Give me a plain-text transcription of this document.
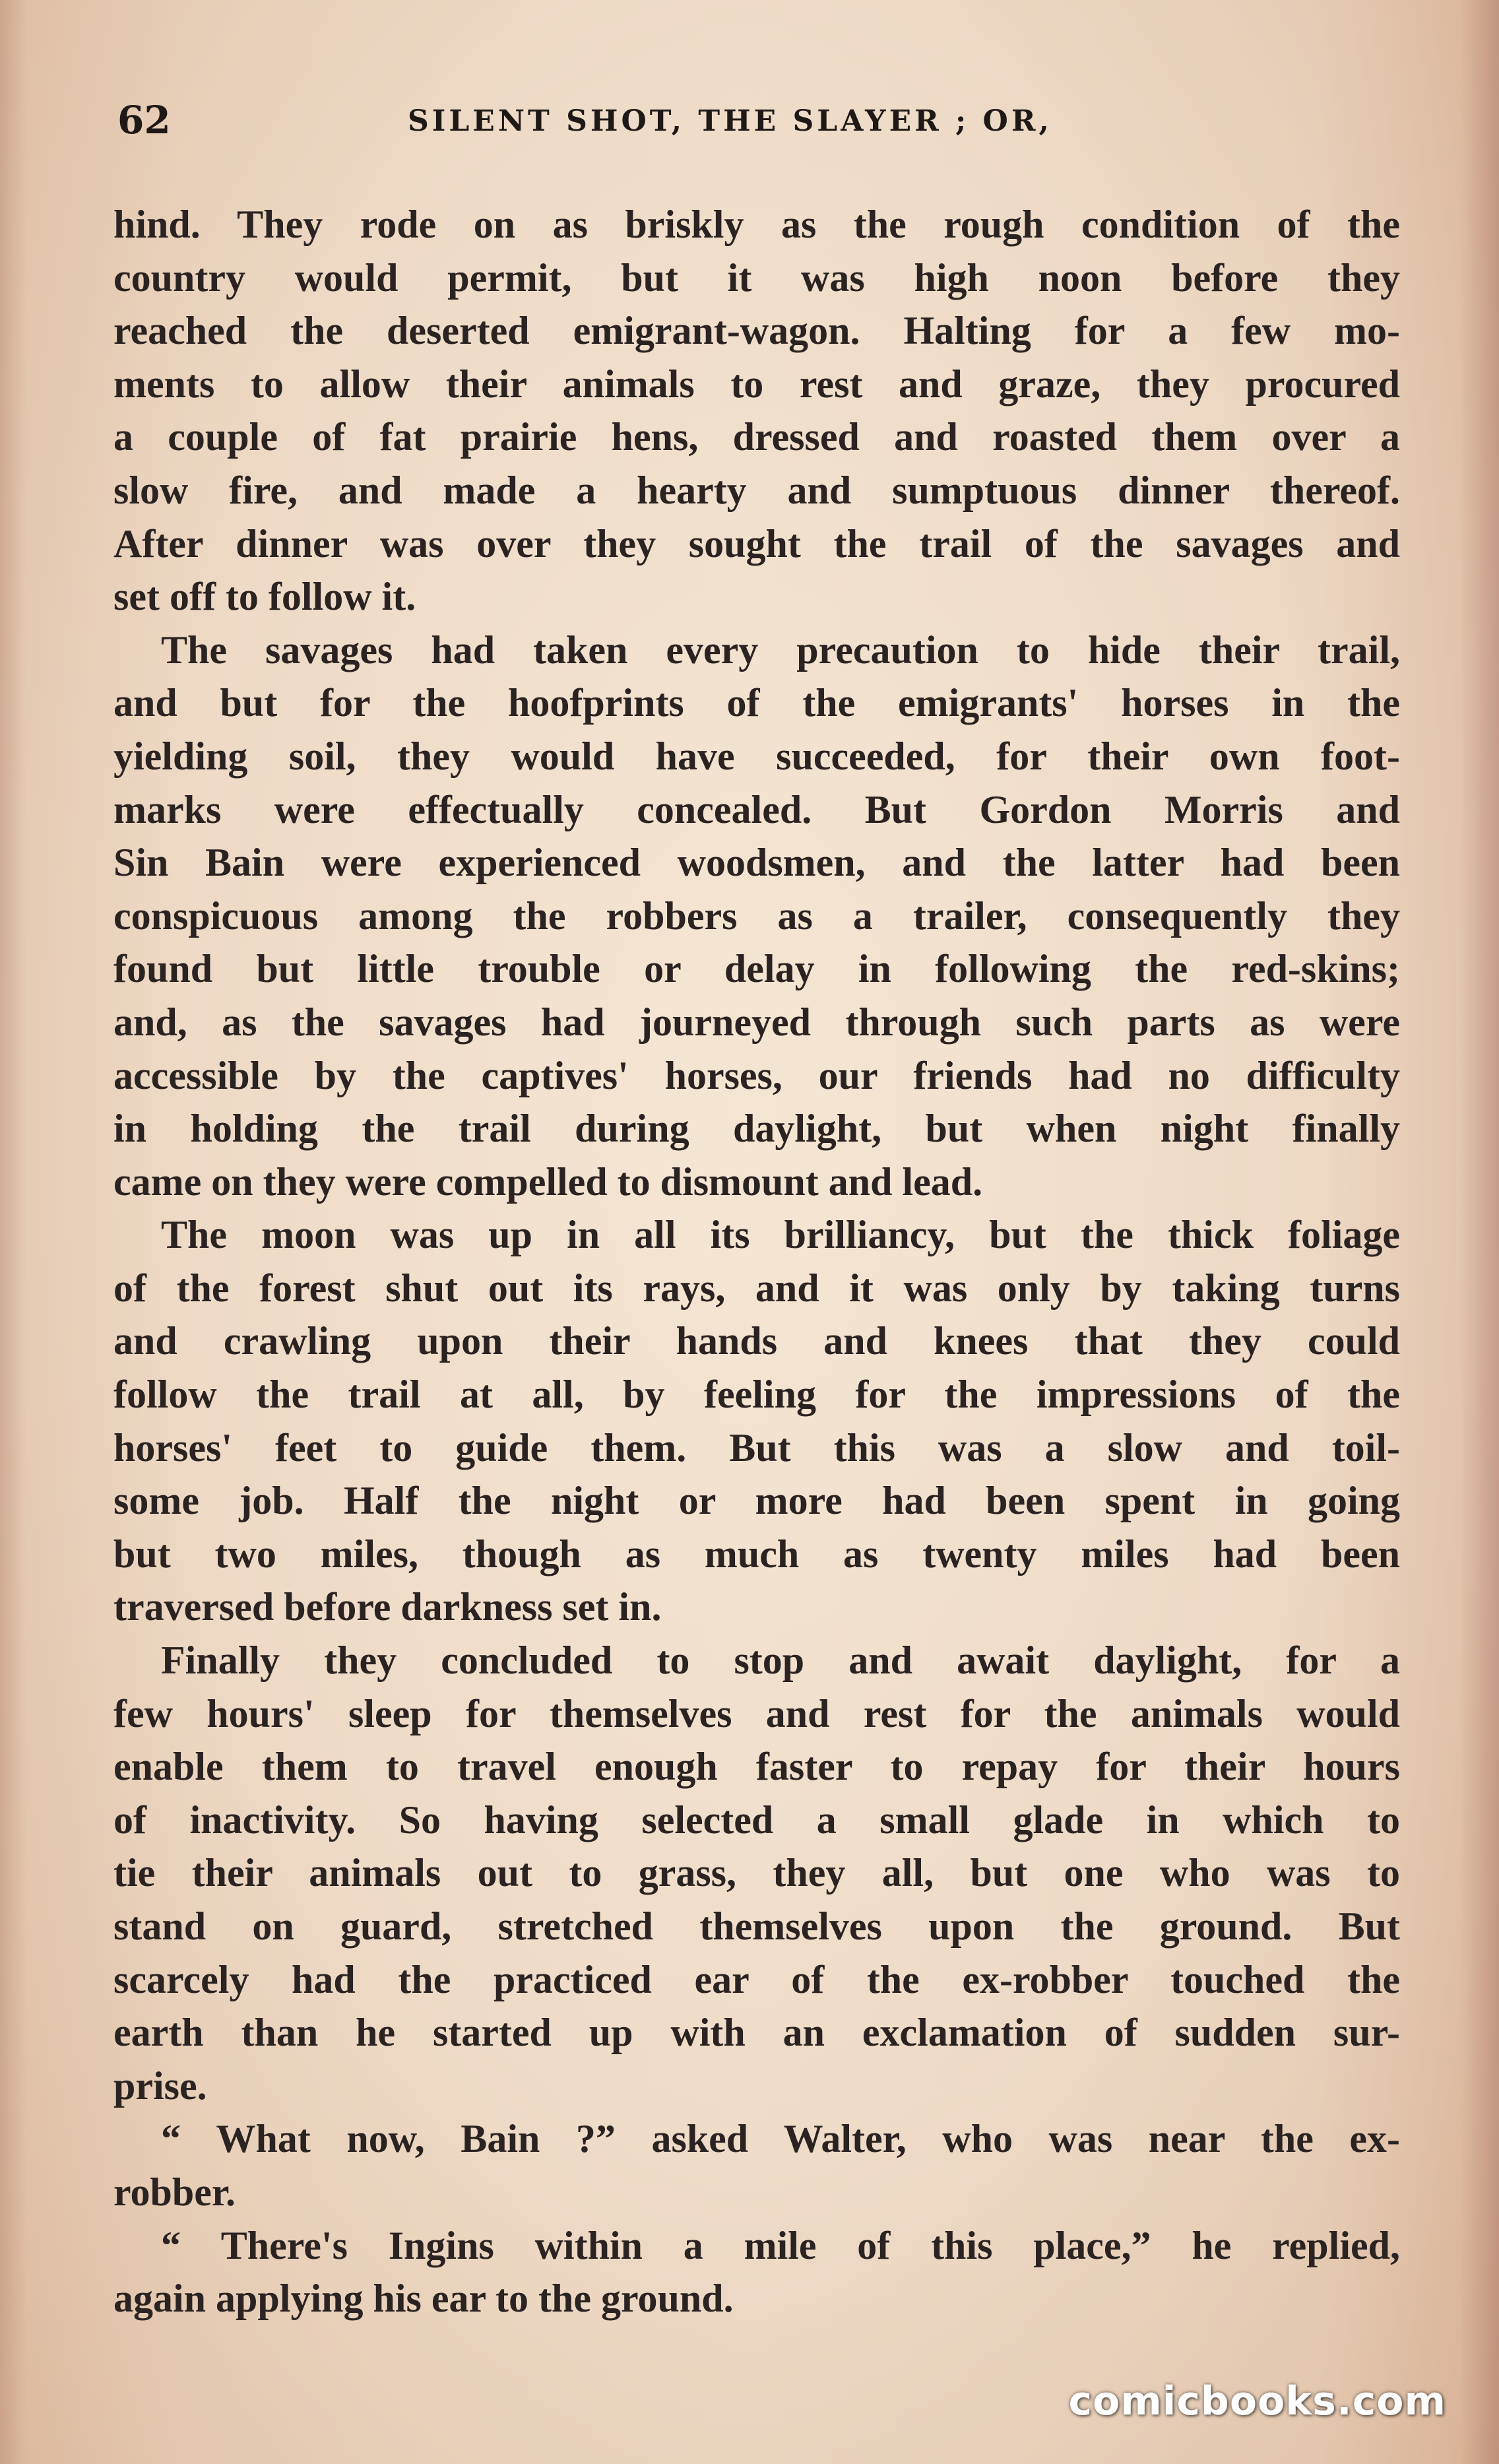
62	SILENT SHOT, THE SLAYER ; OR,
hind. They rode on as briskly as the rough condition of the
country would permit, but it was high noon before they
reached the deserted emigrant-wagon. Halting for a few mo-
ments to allow their animals to rest and graze, they procured
a couple of fat prairie hens, dressed and roasted them over a
slow fire, and made a hearty and sumptuous dinner thereof.
After dinner was over they sought the trail of the savages and
set off to follow it.
The savages had taken every precaution to hide their trail,
and but for the hoofprints of the emigrants' horses in the
yielding soil, they would have succeeded, for their own foot-
marks were effectually concealed. But Gordon Morris and
Sin Bain were experienced woodsmen, and the latter had been
conspicuous among the robbers as a trailer, consequently they
found but little trouble or delay in following the red-skins;
and, as the savages had journeyed through such parts as were
accessible by the captives' horses, our friends had no difficulty
in holding the trail during daylight, but when night finally
came on they were compelled to dismount and lead.
The moon was up in all its brilliancy, but the thick foliage
of the forest shut out its rays, and it was only by taking turns
and crawling upon their hands and knees that they could
follow the trail at all, by feeling for the impressions of the
horses' feet to guide them. But this was a slow and toil-
some job. Half the night or more had been spent in going
but two miles, though as much as twenty miles had been
traversed before darkness set in.
Finally they concluded to stop and await daylight, for a
few hours' sleep for themselves and rest for the animals would
enable them to travel enough faster to repay for their hours
of inactivity. So having selected a small glade in which to
tie their animals out to grass, they all, but one who was to
stand on guard, stretched themselves upon the ground. But
scarcely had the practiced ear of the ex-robber touched the
earth than he started up with an exclamation of sudden sur-
prise.
“ What now, Bain ?” asked Walter, who was near the ex-
robber.
“ There's Ingins within a mile of this place,” he replied,
again applying his ear to the ground.
comicbooks.com
